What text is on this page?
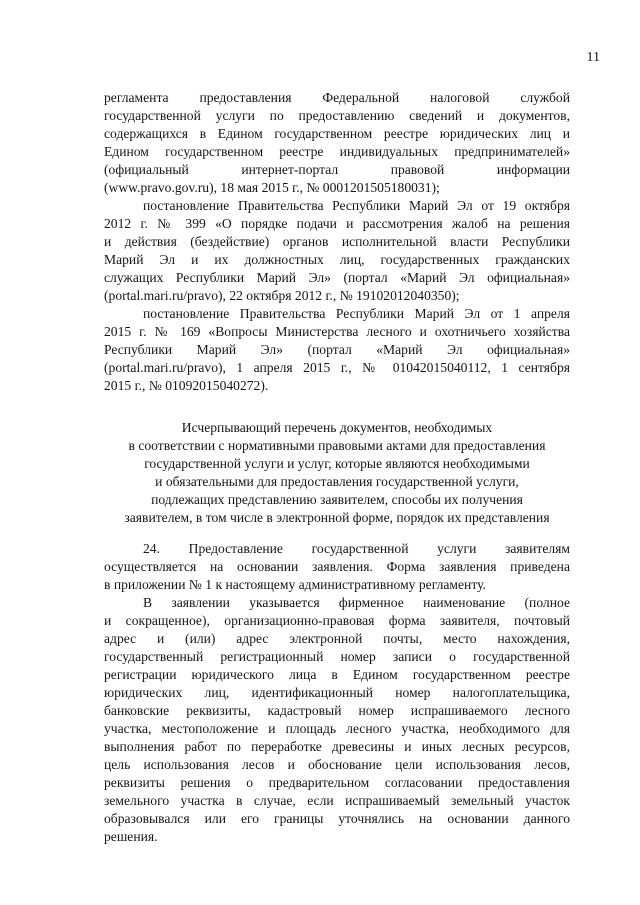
11
регламента предоставления Федеральной налоговой службой
государственной услуги по предоставлению сведений и документов,
содержащихся в Едином государственном реестре юридических лиц и
Едином государственном реестре индивидуальных предпринимателей»
(официальный интернет-портал правовой информации
(www.pravo.gov.ru), 18 мая 2015 г., № 0001201505180031);
постановление Правительства Республики Марий Эл от 19 октября
2012 г. № 399 «О порядке подачи и рассмотрения жалоб на решения
и действия (бездействие) органов исполнительной власти Республики
Марий Эл и их должностных лиц, государственных гражданских
служащих Республики Марий Эл» (портал «Марий Эл официальная»
(portal.mari.ru/pravo), 22 октября 2012 г., № 19102012040350);
постановление Правительства Республики Марий Эл от 1 апреля
2015 г. № 169 «Вопросы Министерства лесного и охотничьего хозяйства
Республики Марий Эл» (портал «Марий Эл официальная»
(portal.mari.ru/pravo), 1 апреля 2015 г., № 01042015040112, 1 сентября
2015 г., № 01092015040272).
Исчерпывающий перечень документов, необходимых
в соответствии с нормативными правовыми актами для предоставления
государственной услуги и услуг, которые являются необходимыми
и обязательными для предоставления государственной услуги,
подлежащих представлению заявителем, способы их получения
заявителем, в том числе в электронной форме, порядок их представления
24. Предоставление государственной услуги заявителям
осуществляется на основании заявления. Форма заявления приведена
в приложении № 1 к настоящему административному регламенту.
В заявлении указывается фирменное наименование (полное
и сокращенное), организационно-правовая форма заявителя, почтовый
адрес и (или) адрес электронной почты, место нахождения,
государственный регистрационный номер записи о государственной
регистрации юридического лица в Едином государственном реестре
юридических лиц, идентификационный номер налогоплательщика,
банковские реквизиты, кадастровый номер испрашиваемого лесного
участка, местоположение и площадь лесного участка, необходимого для
выполнения работ по переработке древесины и иных лесных ресурсов,
цель использования лесов и обоснование цели использования лесов,
реквизиты решения о предварительном согласовании предоставления
земельного участка в случае, если испрашиваемый земельный участок
образовывался или его границы уточнялись на основании данного
решения.
